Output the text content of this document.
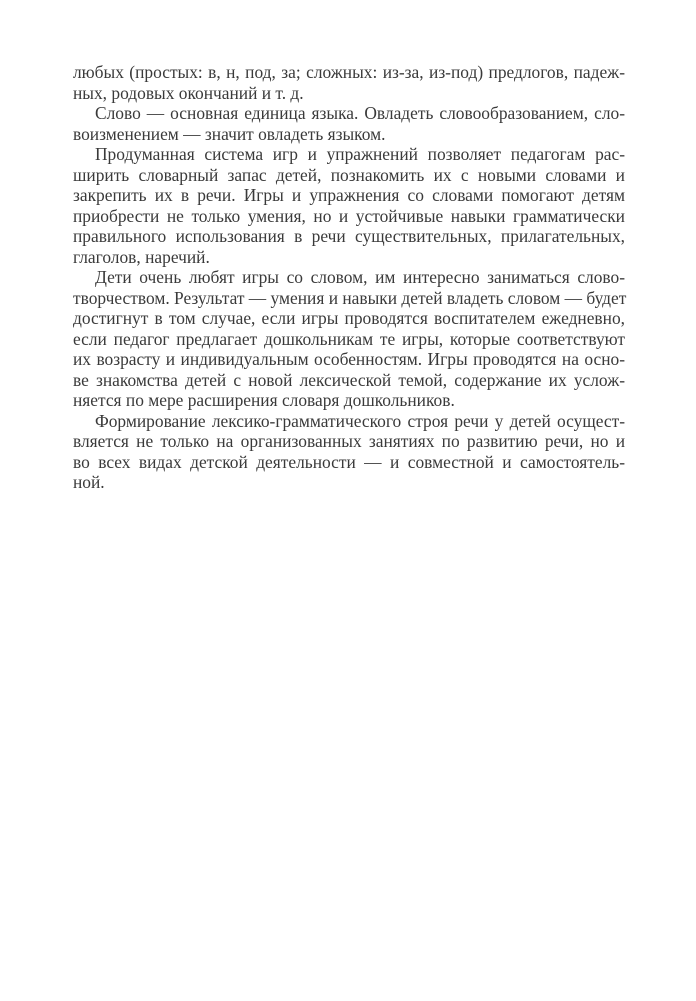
любых (простых: в, н, под, за; сложных: из-за, из-под) предлогов, падеж-
ных, родовых окончаний и т. д.
Слово — основная единица языка. Овладеть словообразованием, сло-
воизменением — значит овладеть языком.
Продуманная система игр и упражнений позволяет педагогам рас-
ширить словарный запас детей, познакомить их с новыми словами и
закрепить их в речи. Игры и упражнения со словами помогают детям
приобрести не только умения, но и устойчивые навыки грамматически
правильного использования в речи существительных, прилагательных,
глаголов, наречий.
Дети очень любят игры со словом, им интересно заниматься слово-
творчеством. Результат — умения и навыки детей владеть словом — будет
достигнут в том случае, если игры проводятся воспитателем ежедневно,
если педагог предлагает дошкольникам те игры, которые соответствуют
их возрасту и индивидуальным особенностям. Игры проводятся на осно-
ве знакомства детей с новой лексической темой, содержание их услож-
няется по мере расширения словаря дошкольников.
Формирование лексико-грамматического строя речи у детей осущест-
вляется не только на организованных занятиях по развитию речи, но и
во всех видах детской деятельности — и совместной и самостоятель-
ной.
